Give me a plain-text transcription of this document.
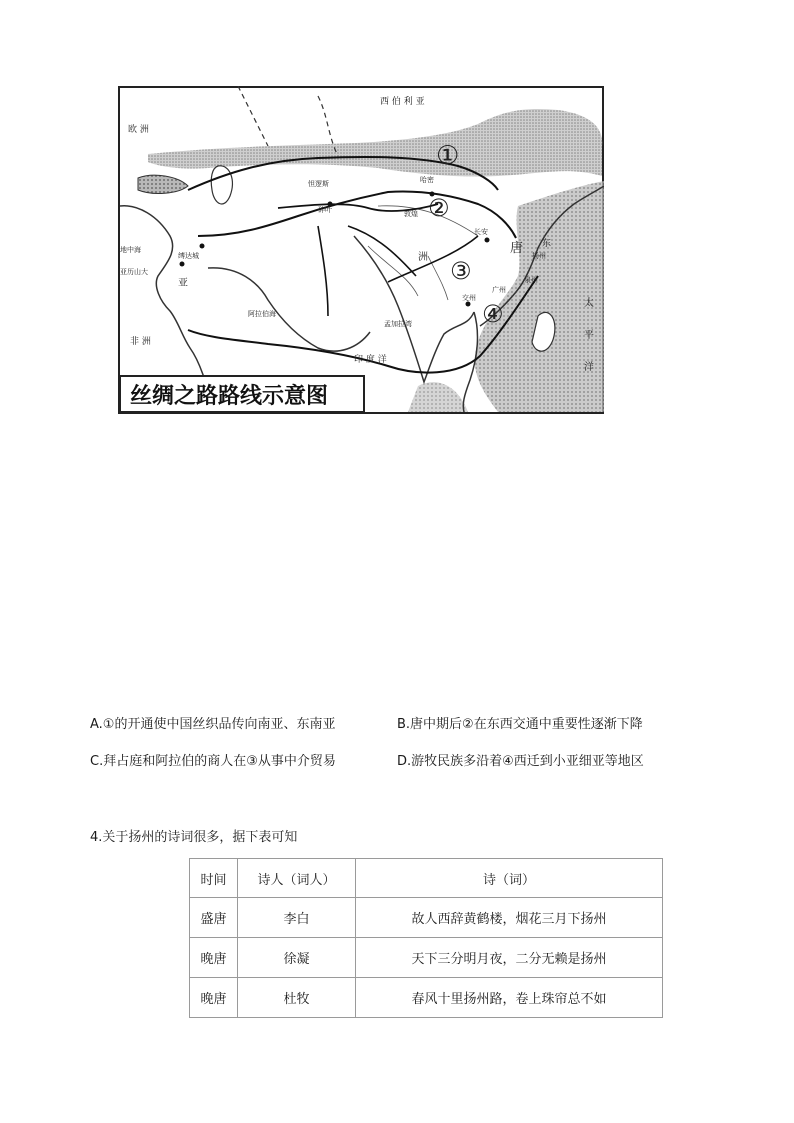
①
②
③
④
西 伯 利 亚
欧 洲
唐
亚
洲
非 洲
缚达城
长安
扬州
广州
泉州
交州
敦煌
怛逻斯
碎叶
哈密
孟加拉湾
印 度 洋
阿拉伯海
亚历山大
地中海
太
平
洋
东
丝绸之路路线示意图
A.①的开通使中国丝织品传向南亚、东南亚	B.唐中期后②在东西交通中重要性逐渐下降
C.拜占庭和阿拉伯的商人在③从事中介贸易	D.游牧民族多沿着④西迁到小亚细亚等地区
4.关于扬州的诗词很多，据下表可知
时间	诗人（词人）	诗（词）
盛唐	李白	故人西辞黄鹤楼，烟花三月下扬州
晚唐	徐凝	天下三分明月夜，二分无赖是扬州
晚唐	杜牧	春风十里扬州路，卷上珠帘总不如
